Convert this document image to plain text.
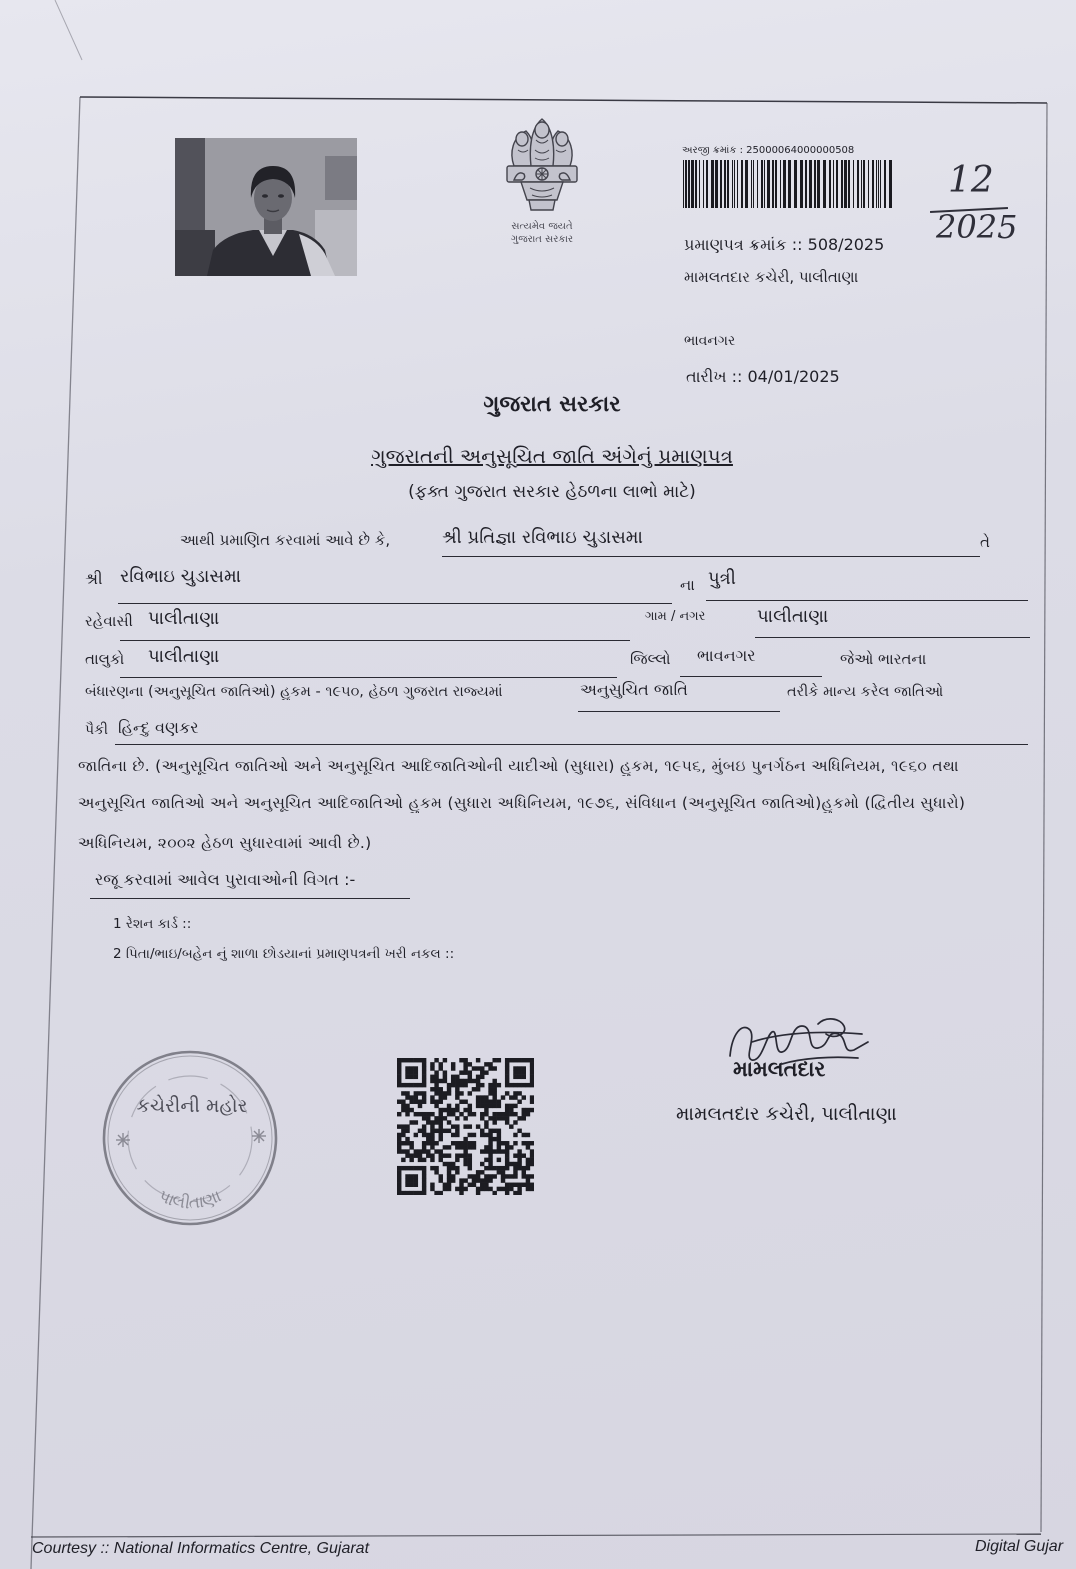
સત્યમેવ જયતે
ગુજરાત સરકાર
અરજી ક્રમાંક : 25000064000000508
12
2025
પ્રમાણપત્ર ક્રમાંક :: 508/2025
મામલતદાર કચેરી, પાલીતાણા
ભાવનગર
તારીખ :: 04/01/2025
ગુજરાત સરકાર
ગુજરાતની અનુસૂચિત જાતિ અંગેનું પ્રમાણપત્ર
(ફક્ત ગુજરાત સરકાર હેઠળના લાભો માટે)
આથી પ્રમાણિત કરવામાં આવે છે કે,	શ્રી પ્રતિજ્ઞા રવિભાઇ ચુડાસમા	તે
શ્રી રવિભાઇ ચુડાસમા	ના પુત્રી
રહેવાસી પાલીતાણા	ગામ / નગર	પાલીતાણા
તાલુકો	પાલીતાણા	જિલ્લો	ભાવનગર	જેઓ ભારતના
બંધારણના (અનુસૂચિત જાતિઓ) હુકમ - ૧૯૫૦, હેઠળ ગુજરાત રાજ્યમાં	અનુસુચિત જાતિ	તરીકે માન્ય કરેલ જાતિઓ
પૈકી હિન્દુ વણકર
જાતિના છે. (અનુસૂચિત જાતિઓ અને અનુસૂચિત આદિજાતિઓની યાદીઓ (સુધારા) હુકમ, ૧૯૫૬, મુંબઇ પુનર્ગઠન અધિનિયમ, ૧૯૬૦ તથા
અનુસૂચિત જાતિઓ અને અનુસૂચિત આદિજાતિઓ હુકમ (સુધારા અધિનિયમ, ૧૯૭૬, સંવિધાન (અનુસૂચિત જાતિઓ)હુકમો (દ્વિતીય સુધારો)
અધિનિયમ, ૨૦૦૨ હેઠળ સુધારવામાં આવી છે.)
રજૂ કરવામાં આવેલ પુરાવાઓની વિગત :-
1 રેશન કાર્ડ ::
2 પિતા/ભાઇ/બહેન નું શાળા છોડયાનાં પ્રમાણપત્રની ખરી નકલ ::
કચેરીની મહોર
પાલીતાણા
મામલતદાર
મામલતદાર કચેરી, પાલીતાણા
Courtesy :: National Informatics Centre, Gujarat	Digital Gujar
